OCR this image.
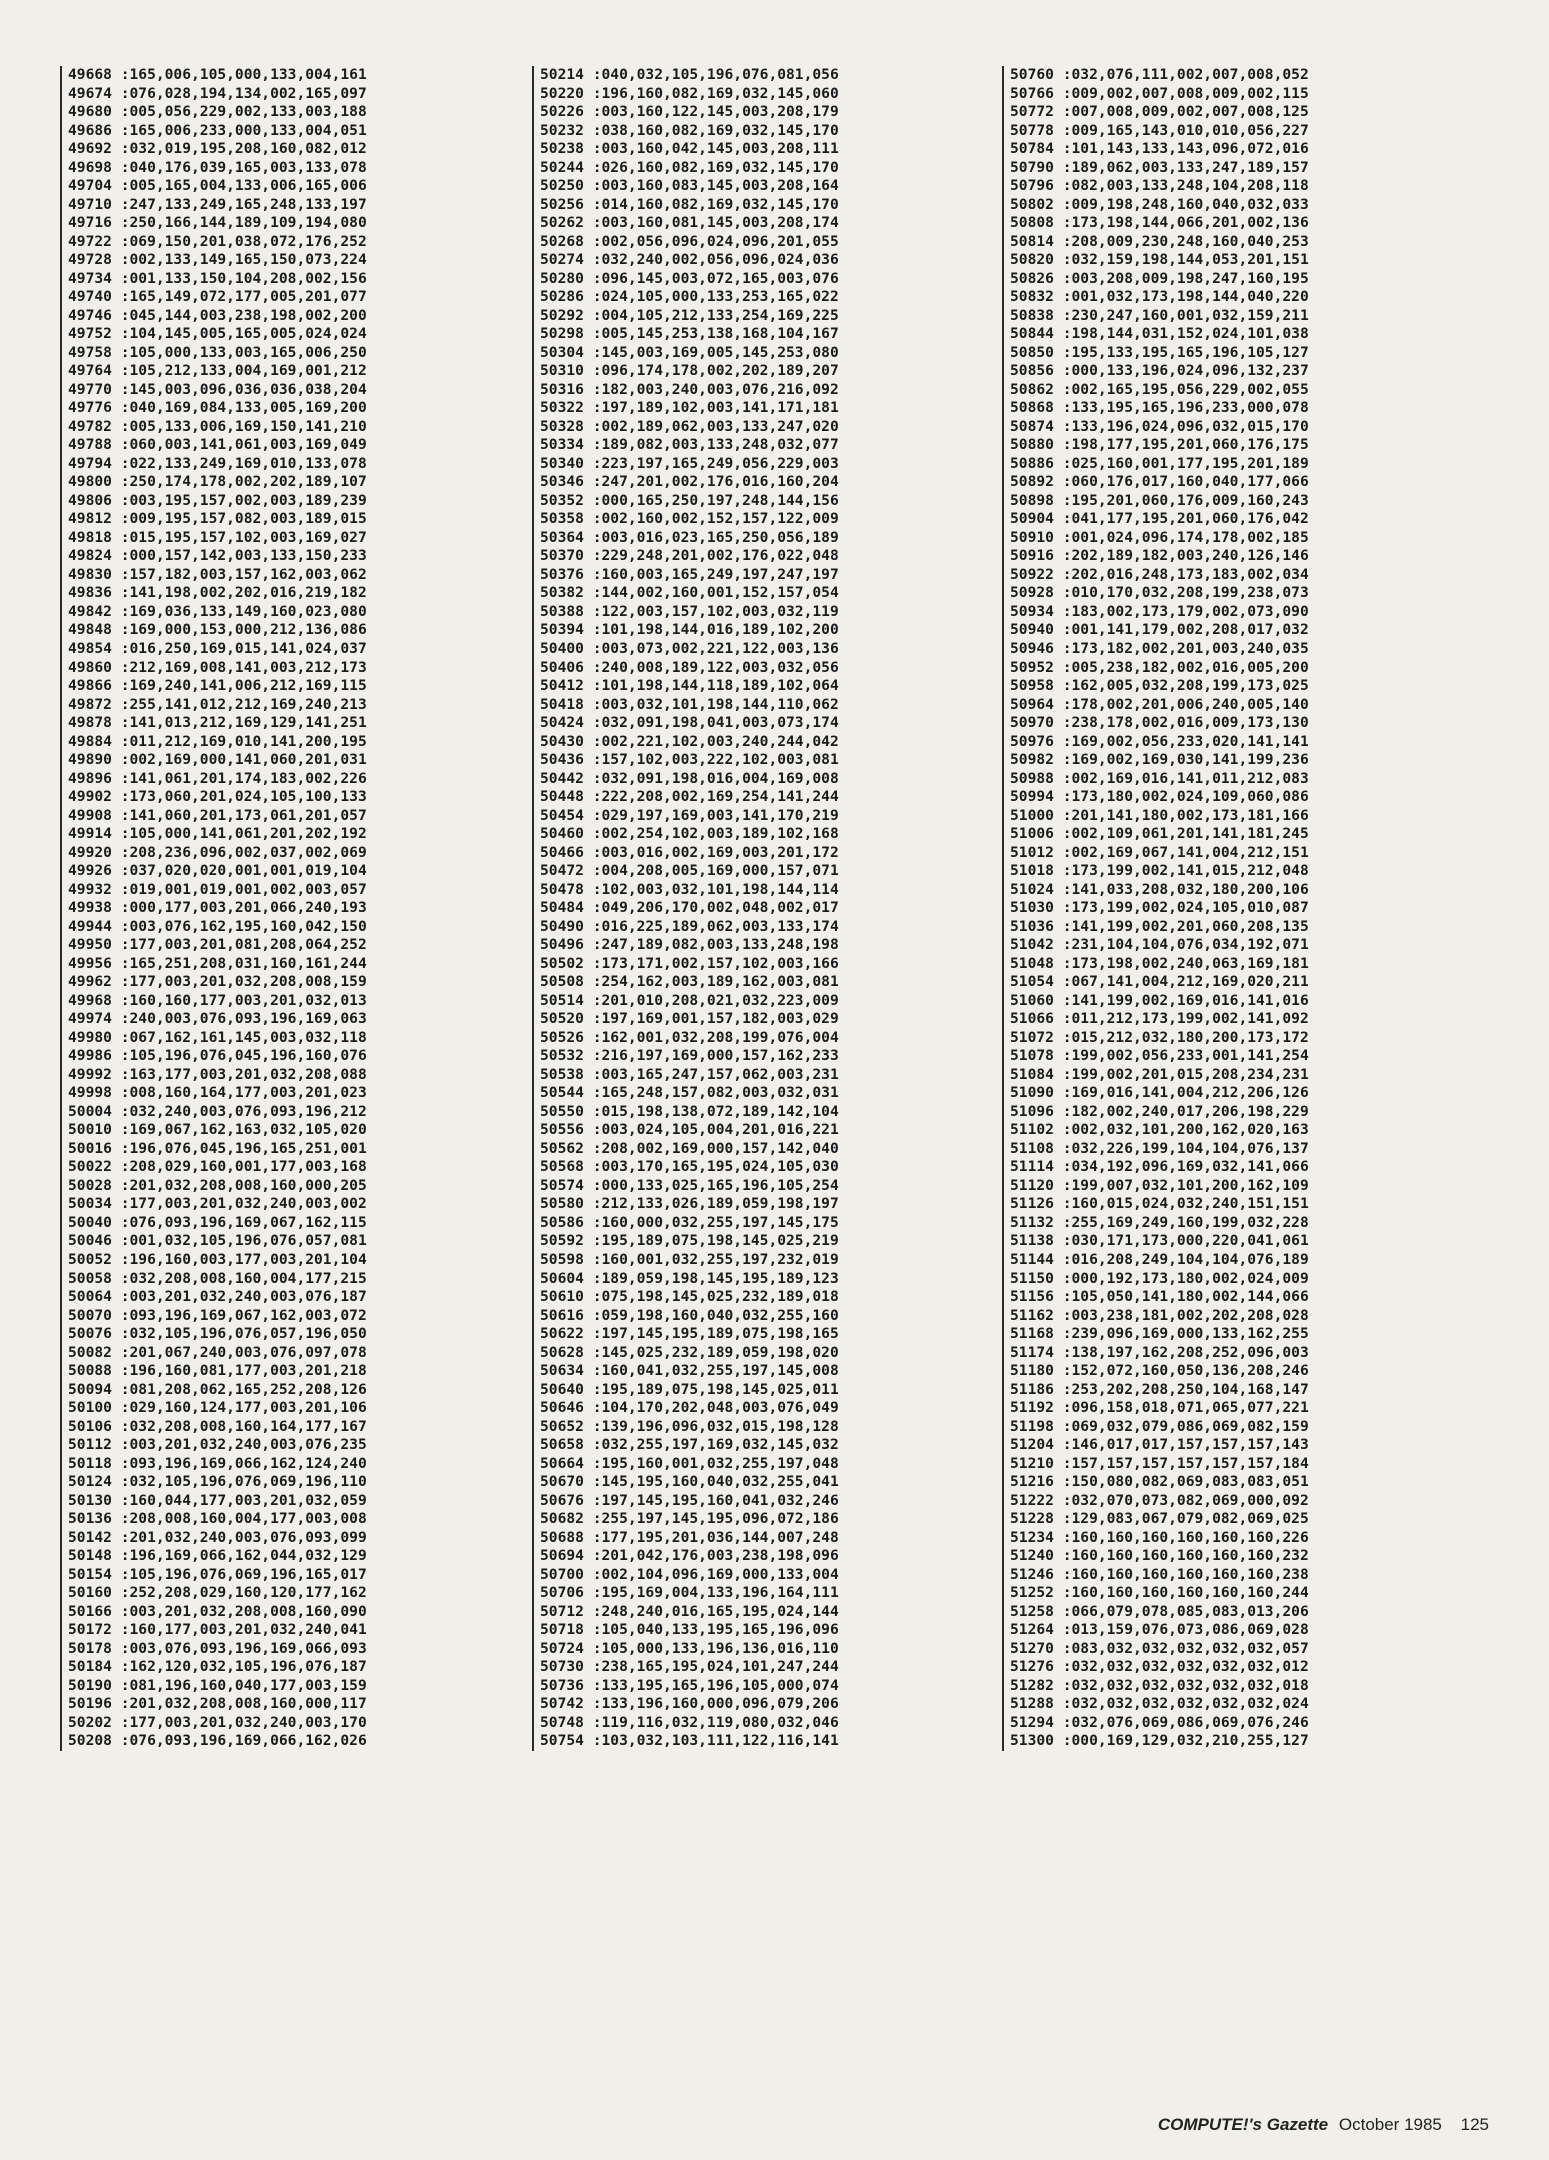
49668 :165,006,105,000,133,004,161
49674 :076,028,194,134,002,165,097
49680 :005,056,229,002,133,003,188
49686 :165,006,233,000,133,004,051
49692 :032,019,195,208,160,082,012
49698 :040,176,039,165,003,133,078
49704 :005,165,004,133,006,165,006
49710 :247,133,249,165,248,133,197
49716 :250,166,144,189,109,194,080
49722 :069,150,201,038,072,176,252
49728 :002,133,149,165,150,073,224
49734 :001,133,150,104,208,002,156
49740 :165,149,072,177,005,201,077
49746 :045,144,003,238,198,002,200
49752 :104,145,005,165,005,024,024
49758 :105,000,133,003,165,006,250
49764 :105,212,133,004,169,001,212
49770 :145,003,096,036,036,038,204
49776 :040,169,084,133,005,169,200
49782 :005,133,006,169,150,141,210
49788 :060,003,141,061,003,169,049
49794 :022,133,249,169,010,133,078
49800 :250,174,178,002,202,189,107
49806 :003,195,157,002,003,189,239
49812 :009,195,157,082,003,189,015
49818 :015,195,157,102,003,169,027
49824 :000,157,142,003,133,150,233
49830 :157,182,003,157,162,003,062
49836 :141,198,002,202,016,219,182
49842 :169,036,133,149,160,023,080
49848 :169,000,153,000,212,136,086
49854 :016,250,169,015,141,024,037
49860 :212,169,008,141,003,212,173
49866 :169,240,141,006,212,169,115
49872 :255,141,012,212,169,240,213
49878 :141,013,212,169,129,141,251
49884 :011,212,169,010,141,200,195
49890 :002,169,000,141,060,201,031
49896 :141,061,201,174,183,002,226
49902 :173,060,201,024,105,100,133
49908 :141,060,201,173,061,201,057
49914 :105,000,141,061,201,202,192
49920 :208,236,096,002,037,002,069
49926 :037,020,020,001,001,019,104
49932 :019,001,019,001,002,003,057
49938 :000,177,003,201,066,240,193
49944 :003,076,162,195,160,042,150
49950 :177,003,201,081,208,064,252
49956 :165,251,208,031,160,161,244
49962 :177,003,201,032,208,008,159
49968 :160,160,177,003,201,032,013
49974 :240,003,076,093,196,169,063
49980 :067,162,161,145,003,032,118
49986 :105,196,076,045,196,160,076
49992 :163,177,003,201,032,208,088
49998 :008,160,164,177,003,201,023
50004 :032,240,003,076,093,196,212
50010 :169,067,162,163,032,105,020
50016 :196,076,045,196,165,251,001
50022 :208,029,160,001,177,003,168
50028 :201,032,208,008,160,000,205
50034 :177,003,201,032,240,003,002
50040 :076,093,196,169,067,162,115
50046 :001,032,105,196,076,057,081
50052 :196,160,003,177,003,201,104
50058 :032,208,008,160,004,177,215
50064 :003,201,032,240,003,076,187
50070 :093,196,169,067,162,003,072
50076 :032,105,196,076,057,196,050
50082 :201,067,240,003,076,097,078
50088 :196,160,081,177,003,201,218
50094 :081,208,062,165,252,208,126
50100 :029,160,124,177,003,201,106
50106 :032,208,008,160,164,177,167
50112 :003,201,032,240,003,076,235
50118 :093,196,169,066,162,124,240
50124 :032,105,196,076,069,196,110
50130 :160,044,177,003,201,032,059
50136 :208,008,160,004,177,003,008
50142 :201,032,240,003,076,093,099
50148 :196,169,066,162,044,032,129
50154 :105,196,076,069,196,165,017
50160 :252,208,029,160,120,177,162
50166 :003,201,032,208,008,160,090
50172 :160,177,003,201,032,240,041
50178 :003,076,093,196,169,066,093
50184 :162,120,032,105,196,076,187
50190 :081,196,160,040,177,003,159
50196 :201,032,208,008,160,000,117
50202 :177,003,201,032,240,003,170
50208 :076,093,196,169,066,162,026
50214 :040,032,105,196,076,081,056
50220 :196,160,082,169,032,145,060
50226 :003,160,122,145,003,208,179
50232 :038,160,082,169,032,145,170
50238 :003,160,042,145,003,208,111
50244 :026,160,082,169,032,145,170
50250 :003,160,083,145,003,208,164
50256 :014,160,082,169,032,145,170
50262 :003,160,081,145,003,208,174
50268 :002,056,096,024,096,201,055
50274 :032,240,002,056,096,024,036
50280 :096,145,003,072,165,003,076
50286 :024,105,000,133,253,165,022
50292 :004,105,212,133,254,169,225
50298 :005,145,253,138,168,104,167
50304 :145,003,169,005,145,253,080
50310 :096,174,178,002,202,189,207
50316 :182,003,240,003,076,216,092
50322 :197,189,102,003,141,171,181
50328 :002,189,062,003,133,247,020
50334 :189,082,003,133,248,032,077
50340 :223,197,165,249,056,229,003
50346 :247,201,002,176,016,160,204
50352 :000,165,250,197,248,144,156
50358 :002,160,002,152,157,122,009
50364 :003,016,023,165,250,056,189
50370 :229,248,201,002,176,022,048
50376 :160,003,165,249,197,247,197
50382 :144,002,160,001,152,157,054
50388 :122,003,157,102,003,032,119
50394 :101,198,144,016,189,102,200
50400 :003,073,002,221,122,003,136
50406 :240,008,189,122,003,032,056
50412 :101,198,144,118,189,102,064
50418 :003,032,101,198,144,110,062
50424 :032,091,198,041,003,073,174
50430 :002,221,102,003,240,244,042
50436 :157,102,003,222,102,003,081
50442 :032,091,198,016,004,169,008
50448 :222,208,002,169,254,141,244
50454 :029,197,169,003,141,170,219
50460 :002,254,102,003,189,102,168
50466 :003,016,002,169,003,201,172
50472 :004,208,005,169,000,157,071
50478 :102,003,032,101,198,144,114
50484 :049,206,170,002,048,002,017
50490 :016,225,189,062,003,133,174
50496 :247,189,082,003,133,248,198
50502 :173,171,002,157,102,003,166
50508 :254,162,003,189,162,003,081
50514 :201,010,208,021,032,223,009
50520 :197,169,001,157,182,003,029
50526 :162,001,032,208,199,076,004
50532 :216,197,169,000,157,162,233
50538 :003,165,247,157,062,003,231
50544 :165,248,157,082,003,032,031
50550 :015,198,138,072,189,142,104
50556 :003,024,105,004,201,016,221
50562 :208,002,169,000,157,142,040
50568 :003,170,165,195,024,105,030
50574 :000,133,025,165,196,105,254
50580 :212,133,026,189,059,198,197
50586 :160,000,032,255,197,145,175
50592 :195,189,075,198,145,025,219
50598 :160,001,032,255,197,232,019
50604 :189,059,198,145,195,189,123
50610 :075,198,145,025,232,189,018
50616 :059,198,160,040,032,255,160
50622 :197,145,195,189,075,198,165
50628 :145,025,232,189,059,198,020
50634 :160,041,032,255,197,145,008
50640 :195,189,075,198,145,025,011
50646 :104,170,202,048,003,076,049
50652 :139,196,096,032,015,198,128
50658 :032,255,197,169,032,145,032
50664 :195,160,001,032,255,197,048
50670 :145,195,160,040,032,255,041
50676 :197,145,195,160,041,032,246
50682 :255,197,145,195,096,072,186
50688 :177,195,201,036,144,007,248
50694 :201,042,176,003,238,198,096
50700 :002,104,096,169,000,133,004
50706 :195,169,004,133,196,164,111
50712 :248,240,016,165,195,024,144
50718 :105,040,133,195,165,196,096
50724 :105,000,133,196,136,016,110
50730 :238,165,195,024,101,247,244
50736 :133,195,165,196,105,000,074
50742 :133,196,160,000,096,079,206
50748 :119,116,032,119,080,032,046
50754 :103,032,103,111,122,116,141
50760 :032,076,111,002,007,008,052
50766 :009,002,007,008,009,002,115
50772 :007,008,009,002,007,008,125
50778 :009,165,143,010,010,056,227
50784 :101,143,133,143,096,072,016
50790 :189,062,003,133,247,189,157
50796 :082,003,133,248,104,208,118
50802 :009,198,248,160,040,032,033
50808 :173,198,144,066,201,002,136
50814 :208,009,230,248,160,040,253
50820 :032,159,198,144,053,201,151
50826 :003,208,009,198,247,160,195
50832 :001,032,173,198,144,040,220
50838 :230,247,160,001,032,159,211
50844 :198,144,031,152,024,101,038
50850 :195,133,195,165,196,105,127
50856 :000,133,196,024,096,132,237
50862 :002,165,195,056,229,002,055
50868 :133,195,165,196,233,000,078
50874 :133,196,024,096,032,015,170
50880 :198,177,195,201,060,176,175
50886 :025,160,001,177,195,201,189
50892 :060,176,017,160,040,177,066
50898 :195,201,060,176,009,160,243
50904 :041,177,195,201,060,176,042
50910 :001,024,096,174,178,002,185
50916 :202,189,182,003,240,126,146
50922 :202,016,248,173,183,002,034
50928 :010,170,032,208,199,238,073
50934 :183,002,173,179,002,073,090
50940 :001,141,179,002,208,017,032
50946 :173,182,002,201,003,240,035
50952 :005,238,182,002,016,005,200
50958 :162,005,032,208,199,173,025
50964 :178,002,201,006,240,005,140
50970 :238,178,002,016,009,173,130
50976 :169,002,056,233,020,141,141
50982 :169,002,169,030,141,199,236
50988 :002,169,016,141,011,212,083
50994 :173,180,002,024,109,060,086
51000 :201,141,180,002,173,181,166
51006 :002,109,061,201,141,181,245
51012 :002,169,067,141,004,212,151
51018 :173,199,002,141,015,212,048
51024 :141,033,208,032,180,200,106
51030 :173,199,002,024,105,010,087
51036 :141,199,002,201,060,208,135
51042 :231,104,104,076,034,192,071
51048 :173,198,002,240,063,169,181
51054 :067,141,004,212,169,020,211
51060 :141,199,002,169,016,141,016
51066 :011,212,173,199,002,141,092
51072 :015,212,032,180,200,173,172
51078 :199,002,056,233,001,141,254
51084 :199,002,201,015,208,234,231
51090 :169,016,141,004,212,206,126
51096 :182,002,240,017,206,198,229
51102 :002,032,101,200,162,020,163
51108 :032,226,199,104,104,076,137
51114 :034,192,096,169,032,141,066
51120 :199,007,032,101,200,162,109
51126 :160,015,024,032,240,151,151
51132 :255,169,249,160,199,032,228
51138 :030,171,173,000,220,041,061
51144 :016,208,249,104,104,076,189
51150 :000,192,173,180,002,024,009
51156 :105,050,141,180,002,144,066
51162 :003,238,181,002,202,208,028
51168 :239,096,169,000,133,162,255
51174 :138,197,162,208,252,096,003
51180 :152,072,160,050,136,208,246
51186 :253,202,208,250,104,168,147
51192 :096,158,018,071,065,077,221
51198 :069,032,079,086,069,082,159
51204 :146,017,017,157,157,157,143
51210 :157,157,157,157,157,157,184
51216 :150,080,082,069,083,083,051
51222 :032,070,073,082,069,000,092
51228 :129,083,067,079,082,069,025
51234 :160,160,160,160,160,160,226
51240 :160,160,160,160,160,160,232
51246 :160,160,160,160,160,160,238
51252 :160,160,160,160,160,160,244
51258 :066,079,078,085,083,013,206
51264 :013,159,076,073,086,069,028
51270 :083,032,032,032,032,032,057
51276 :032,032,032,032,032,032,012
51282 :032,032,032,032,032,032,018
51288 :032,032,032,032,032,032,024
51294 :032,076,069,086,069,076,246
51300 :000,169,129,032,210,255,127
COMPUTE!'s Gazette October 1985 125
